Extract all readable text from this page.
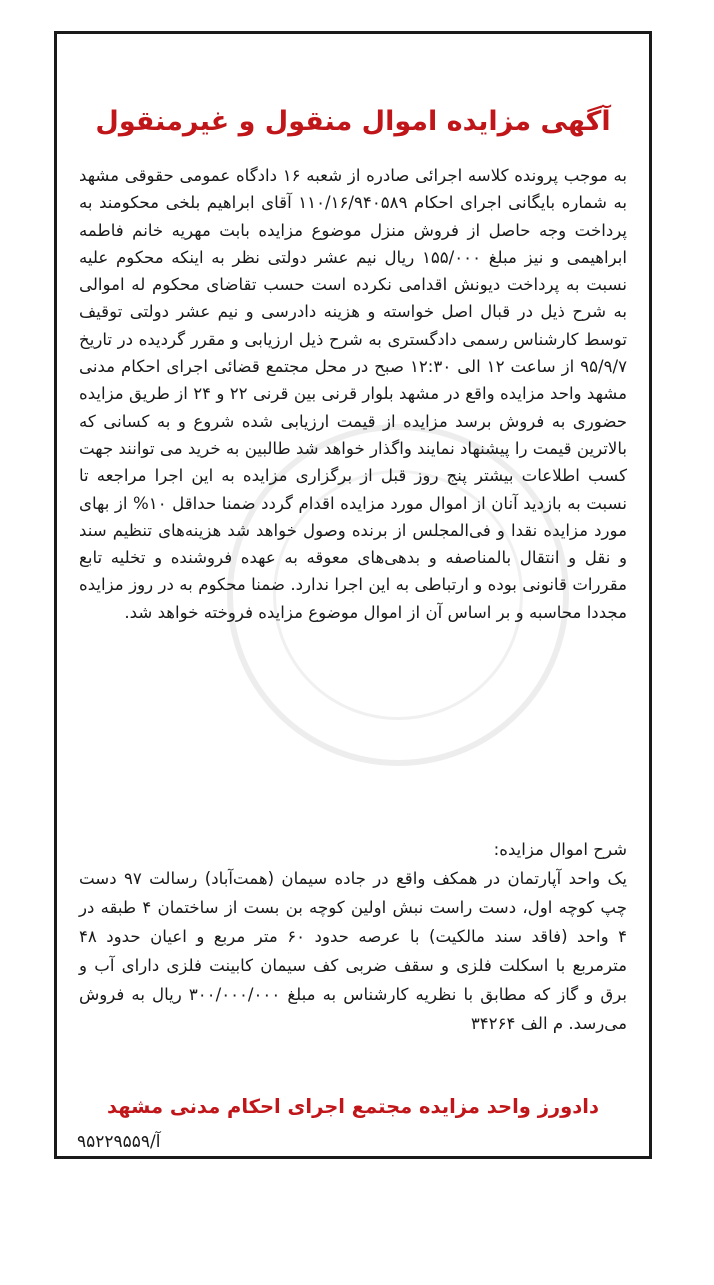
آگهی مزایده اموال منقول و غیرمنقول

به موجب پرونده کلاسه اجرائی صادره از شعبه ۱۶ دادگاه عمومی حقوقی مشهد به شماره بایگانی اجرای احکام ۱۱۰/۱۶/۹۴۰۵۸۹ آقای ابراهیم بلخی محکومند به پرداخت وجه حاصل از فروش منزل موضوع مزایده بابت مهریه خانم فاطمه ابراهیمی و نیز مبلغ ۱۵۵/۰۰۰ ریال نیم عشر دولتی نظر به اینکه محکوم علیه نسبت به پرداخت دیونش اقدامی نکرده است حسب تقاضای محکوم له اموالی به شرح ذیل در قبال اصل خواسته و هزینه دادرسی و نیم عشر دولتی توقیف توسط کارشناس رسمی دادگستری به شرح ذیل ارزیابی و مقرر گردیده در تاریخ ۹۵/۹/۷ از ساعت ۱۲ الی ۱۲:۳۰ صبح در محل مجتمع قضائی اجرای احکام مدنی مشهد واحد مزایده واقع در مشهد بلوار قرنی بین قرنی ۲۲ و ۲۴ از طریق مزایده حضوری به فروش برسد مزایده از قیمت ارزیابی شده شروع و به کسانی که بالاترین قیمت را پیشنهاد نمایند واگذار خواهد شد طالبین به خرید می توانند جهت کسب اطلاعات بیشتر پنج روز قبل از برگزاری مزایده به این اجرا مراجعه تا نسبت به بازدید آنان از اموال مورد مزایده اقدام گردد ضمنا حداقل ۱۰% از بهای مورد مزایده نقدا و فی‌المجلس از برنده وصول خواهد شد هزینه‌های تنظیم سند و نقل و انتقال بالمناصفه و بدهی‌های معوقه به عهده فروشنده و تخلیه تابع مقررات قانونی بوده و ارتباطی به این اجرا ندارد. ضمنا محکوم به در روز مزایده مجددا محاسبه و بر اساس آن از اموال موضوع مزایده فروخته خواهد شد.

شرح اموال مزایده:

یک واحد آپارتمان در همکف واقع در جاده سیمان (همت‌آباد) رسالت ۹۷ دست چپ کوچه اول، دست راست نبش اولین کوچه بن بست از ساختمان ۴ طبقه در ۴ واحد (فاقد سند مالکیت) با عرصه حدود ۶۰ متر مربع و اعیان حدود ۴۸ مترمربع با اسکلت فلزی و سقف ضربی کف سیمان کابینت فلزی دارای آب و برق و گاز که مطابق با نظریه کارشناس به مبلغ ۳۰۰/۰۰۰/۰۰۰ ریال به فروش می‌رسد. م الف ۳۴۲۶۴

دادورز واحد مزایده مجتمع اجرای احکام مدنی مشهد

آ/۹۵۲۲۹۵۵۹
